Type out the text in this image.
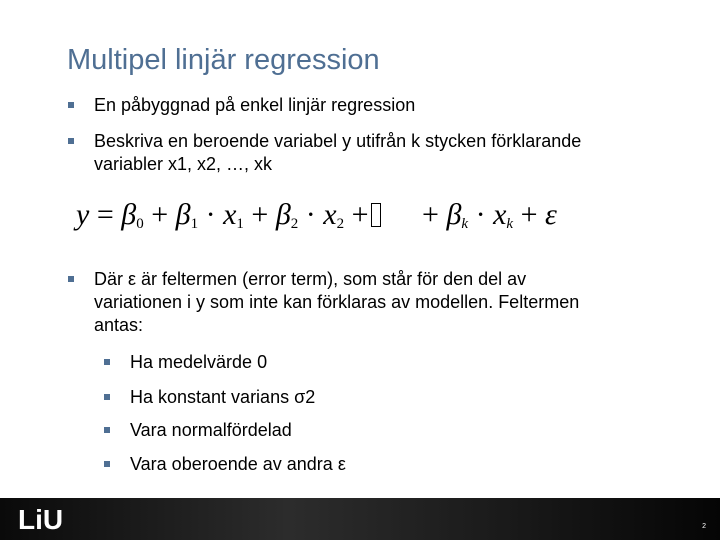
Multipel linjär regression
En påbyggnad på enkel linjär regression
Beskriva en beroende variabel y utifrån k stycken förklarande
variabler x1, x2, …, xk
$y = \beta_0 + \beta_1 \cdot x_1 + \beta_2 \cdot x_2$ + + $\beta_k \cdot x_k + \varepsilon$
Där ε är feltermen (error term), som står för den del av
variationen i y som inte kan förklaras av modellen. Feltermen
antas:
Ha medelvärde 0
Ha konstant varians σ2
Vara normalfördelad
Vara oberoende av andra ε
LiU	2
